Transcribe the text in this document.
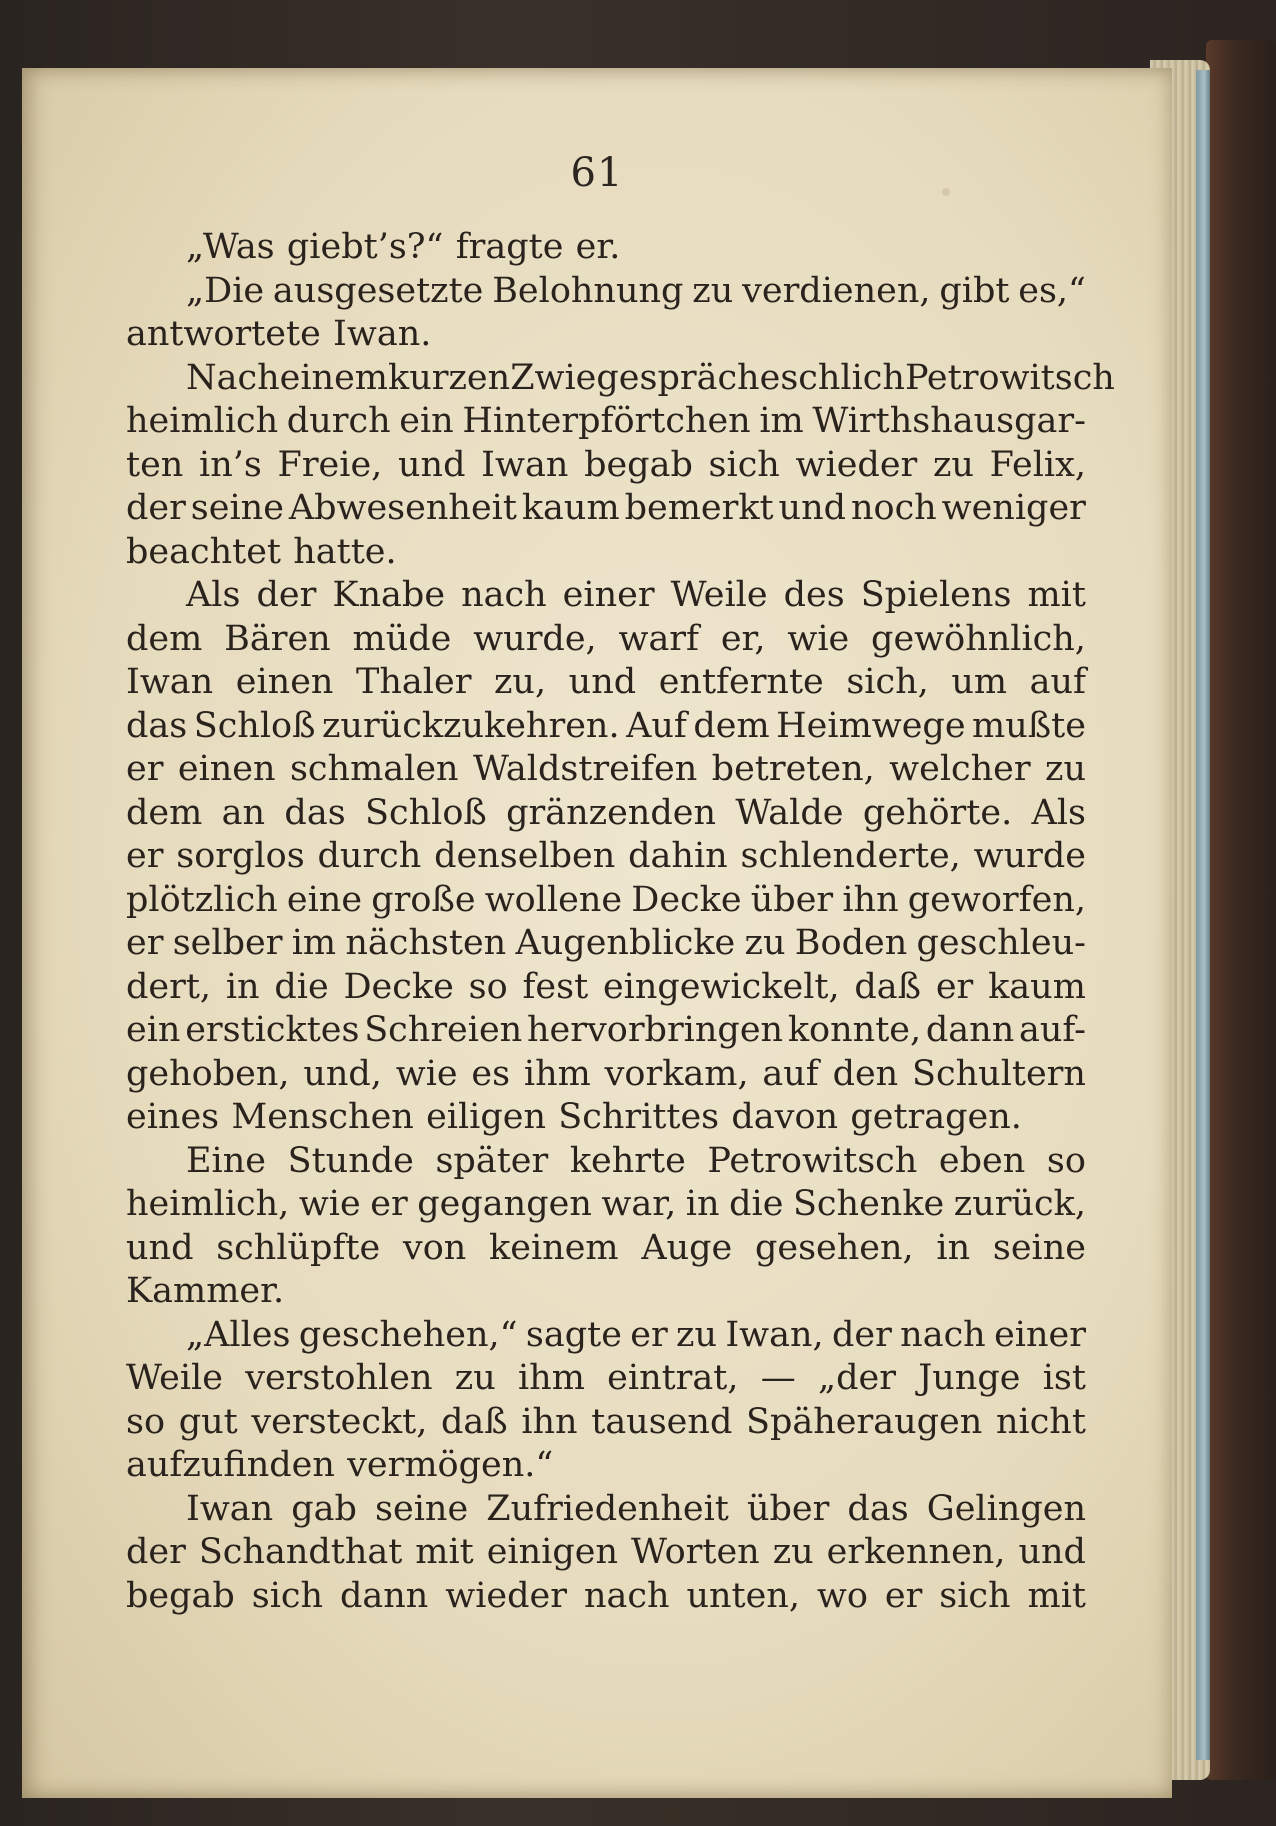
61
„Was giebt’s?“ fragte er.
„Die ausgesetzte Belohnung zu verdienen, gibt es,“
antwortete Iwan.
Nach einem kurzen Zwiegespräche schlich Petrowitsch
heimlich durch ein Hinterpförtchen im Wirthshausgar-
ten in’s Freie, und Iwan begab sich wieder zu Felix,
der seine Abwesenheit kaum bemerkt und noch weniger
beachtet hatte.
Als der Knabe nach einer Weile des Spielens mit
dem Bären müde wurde, warf er, wie gewöhnlich,
Iwan einen Thaler zu, und entfernte sich, um auf
das Schloß zurückzukehren. Auf dem Heimwege mußte
er einen schmalen Waldstreifen betreten, welcher zu
dem an das Schloß gränzenden Walde gehörte. Als
er sorglos durch denselben dahin schlenderte, wurde
plötzlich eine große wollene Decke über ihn geworfen,
er selber im nächsten Augenblicke zu Boden geschleu-
dert, in die Decke so fest eingewickelt, daß er kaum
ein ersticktes Schreien hervorbringen konnte, dann auf-
gehoben, und, wie es ihm vorkam, auf den Schultern
eines Menschen eiligen Schrittes davon getragen.
Eine Stunde später kehrte Petrowitsch eben so
heimlich, wie er gegangen war, in die Schenke zurück,
und schlüpfte von keinem Auge gesehen, in seine
Kammer.
„Alles geschehen,“ sagte er zu Iwan, der nach einer
Weile verstohlen zu ihm eintrat, — „der Junge ist
so gut versteckt, daß ihn tausend Späheraugen nicht
aufzufinden vermögen.“
Iwan gab seine Zufriedenheit über das Gelingen
der Schandthat mit einigen Worten zu erkennen, und
begab sich dann wieder nach unten, wo er sich mit
